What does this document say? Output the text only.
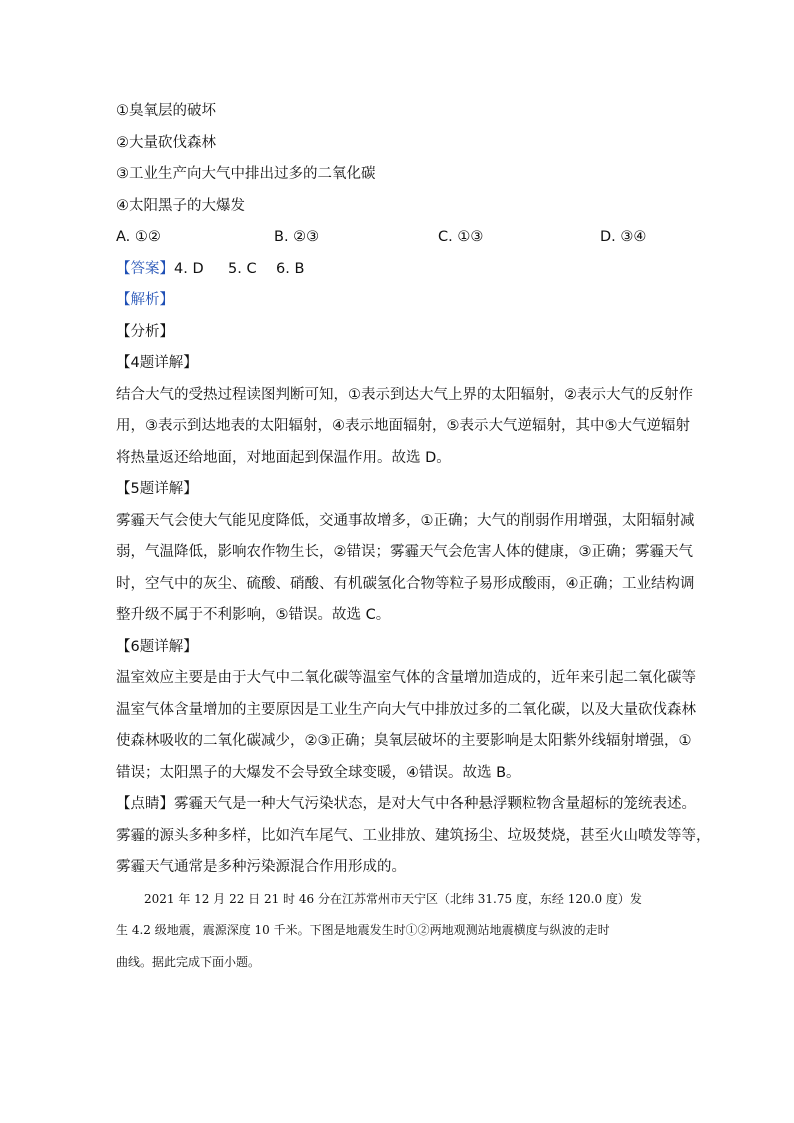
①臭氧层的破坏
②大量砍伐森林
③工业生产向大气中排出过多的二氧化碳
④太阳黑子的大爆发
A. ①②	B. ②③	C. ①③	D. ③④
【答案】4. D 5. C 6. B
【解析】
【分析】
【4题详解】
结合大气的受热过程读图判断可知，①表示到达大气上界的太阳辐射，②表示大气的反射作
用，③表示到达地表的太阳辐射，④表示地面辐射，⑤表示大气逆辐射，其中⑤大气逆辐射
将热量返还给地面，对地面起到保温作用。故选 D。
【5题详解】
雾霾天气会使大气能见度降低，交通事故增多，①正确；大气的削弱作用增强，太阳辐射减
弱，气温降低，影响农作物生长，②错误；雾霾天气会危害人体的健康，③正确；雾霾天气
时，空气中的灰尘、硫酸、硝酸、有机碳氢化合物等粒子易形成酸雨，④正确；工业结构调
整升级不属于不利影响，⑤错误。故选 C。
【6题详解】
温室效应主要是由于大气中二氧化碳等温室气体的含量增加造成的，近年来引起二氧化碳等
温室气体含量增加的主要原因是工业生产向大气中排放过多的二氧化碳，以及大量砍伐森林
使森林吸收的二氧化碳减少，②③正确；臭氧层破坏的主要影响是太阳紫外线辐射增强，①
错误；太阳黑子的大爆发不会导致全球变暖，④错误。故选 B。
【点睛】雾霾天气是一种大气污染状态，是对大气中各种悬浮颗粒物含量超标的笼统表述。
雾霾的源头多种多样，比如汽车尾气、工业排放、建筑扬尘、垃圾焚烧，甚至火山喷发等等，
雾霾天气通常是多种污染源混合作用形成的。
2021 年 12 月 22 日 21 时 46 分在江苏常州市天宁区（北纬 31.75 度，东经 120.0 度）发
生 4.2 级地震，震源深度 10 千米。下图是地震发生时①②两地观测站地震横度与纵波的走时
曲线。据此完成下面小题。
